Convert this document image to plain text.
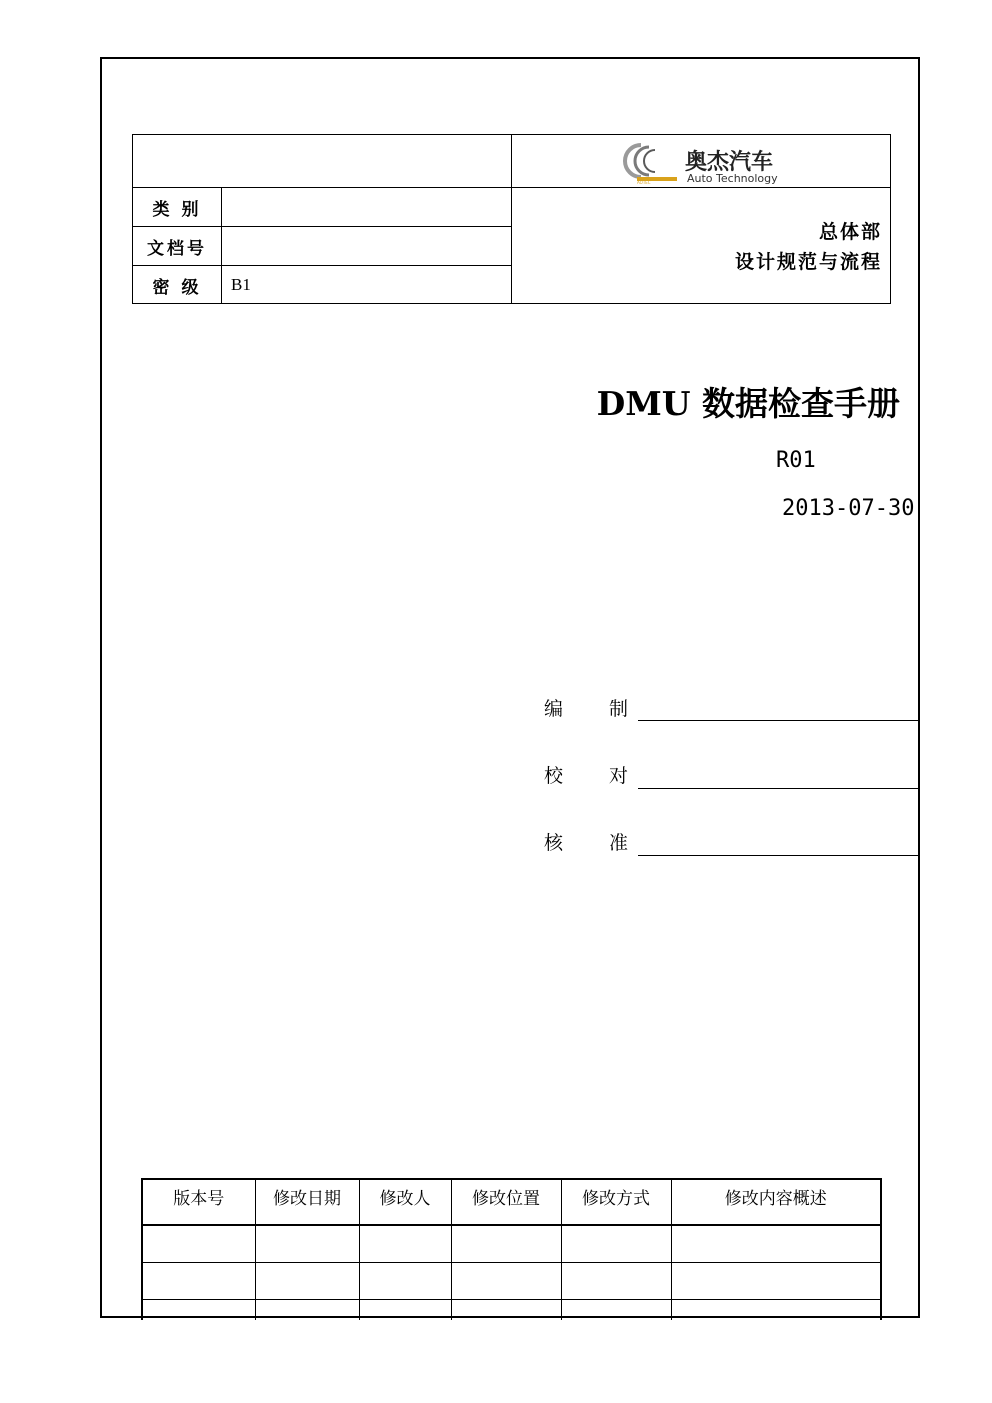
奥杰汽车
Auto Technology
AOTEC
类 别
文档号
密 级	B1
总体部
设计规范与流程
DMU 数据检查手册
R01
2013-07-30
编 制
校 对
核 准
版本号	修改日期	修改人	修改位置	修改方式	修改内容概述
